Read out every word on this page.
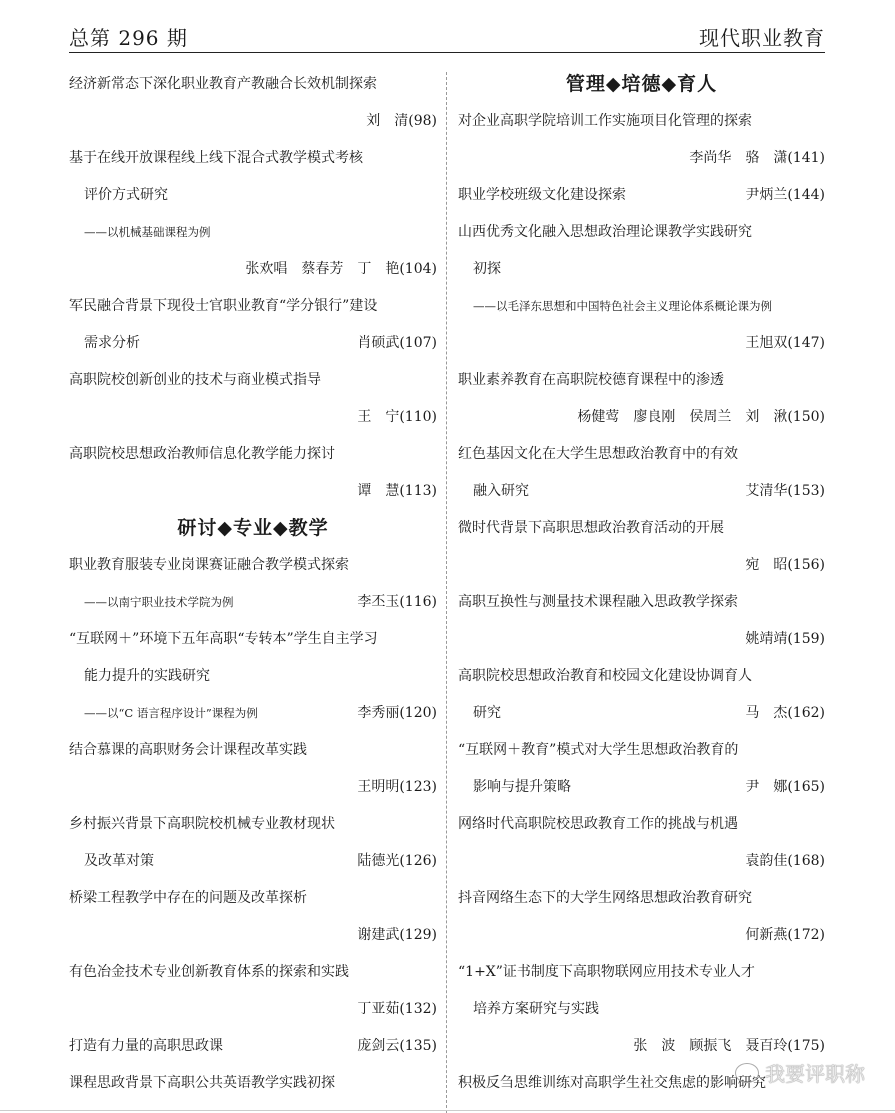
总第 296 期	现代职业教育
经济新常态下深化职业教育产教融合长效机制探索
刘　清(98)
基于在线开放课程线上线下混合式教学模式考核
评价方式研究
——以机械基础课程为例
张欢唱　蔡春芳　丁　艳(104)
军民融合背景下现役士官职业教育“学分银行”建设
需求分析	肖硕武(107)
高职院校创新创业的技术与商业模式指导
王　宁(110)
高职院校思想政治教师信息化教学能力探讨
谭　慧(113)
研讨◆专业◆教学
职业教育服装专业岗课赛证融合教学模式探索
——以南宁职业技术学院为例	李丕玉(116)
“互联网＋”环境下五年高职“专转本”学生自主学习
能力提升的实践研究
——以“C 语言程序设计”课程为例	李秀丽(120)
结合慕课的高职财务会计课程改革实践
王明明(123)
乡村振兴背景下高职院校机械专业教材现状
及改革对策	陆德光(126)
桥梁工程教学中存在的问题及改革探析
谢建武(129)
有色冶金技术专业创新教育体系的探索和实践
丁亚茹(132)
打造有力量的高职思政课	庞剑云(135)
课程思政背景下高职公共英语教学实践初探
管理◆培德◆育人
对企业高职学院培训工作实施项目化管理的探索
李尚华　骆　潇(141)
职业学校班级文化建设探索	尹炳兰(144)
山西优秀文化融入思想政治理论课教学实践研究
初探
——以毛泽东思想和中国特色社会主义理论体系概论课为例
王旭双(147)
职业素养教育在高职院校德育课程中的渗透
杨健莺　廖良刚　侯周兰　刘　湫(150)
红色基因文化在大学生思想政治教育中的有效
融入研究	艾清华(153)
微时代背景下高职思想政治教育活动的开展
宛　昭(156)
高职互换性与测量技术课程融入思政教学探索
姚靖靖(159)
高职院校思想政治教育和校园文化建设协调育人
研究	马　杰(162)
“互联网＋教育”模式对大学生思想政治教育的
影响与提升策略	尹　娜(165)
网络时代高职院校思政教育工作的挑战与机遇
袁韵佳(168)
抖音网络生态下的大学生网络思想政治教育研究
何新燕(172)
“1+X”证书制度下高职物联网应用技术专业人才
培养方案研究与实践
张　波　顾振飞　聂百玲(175)
积极反刍思维训练对高职学生社交焦虑的影响研究 我要评职称
